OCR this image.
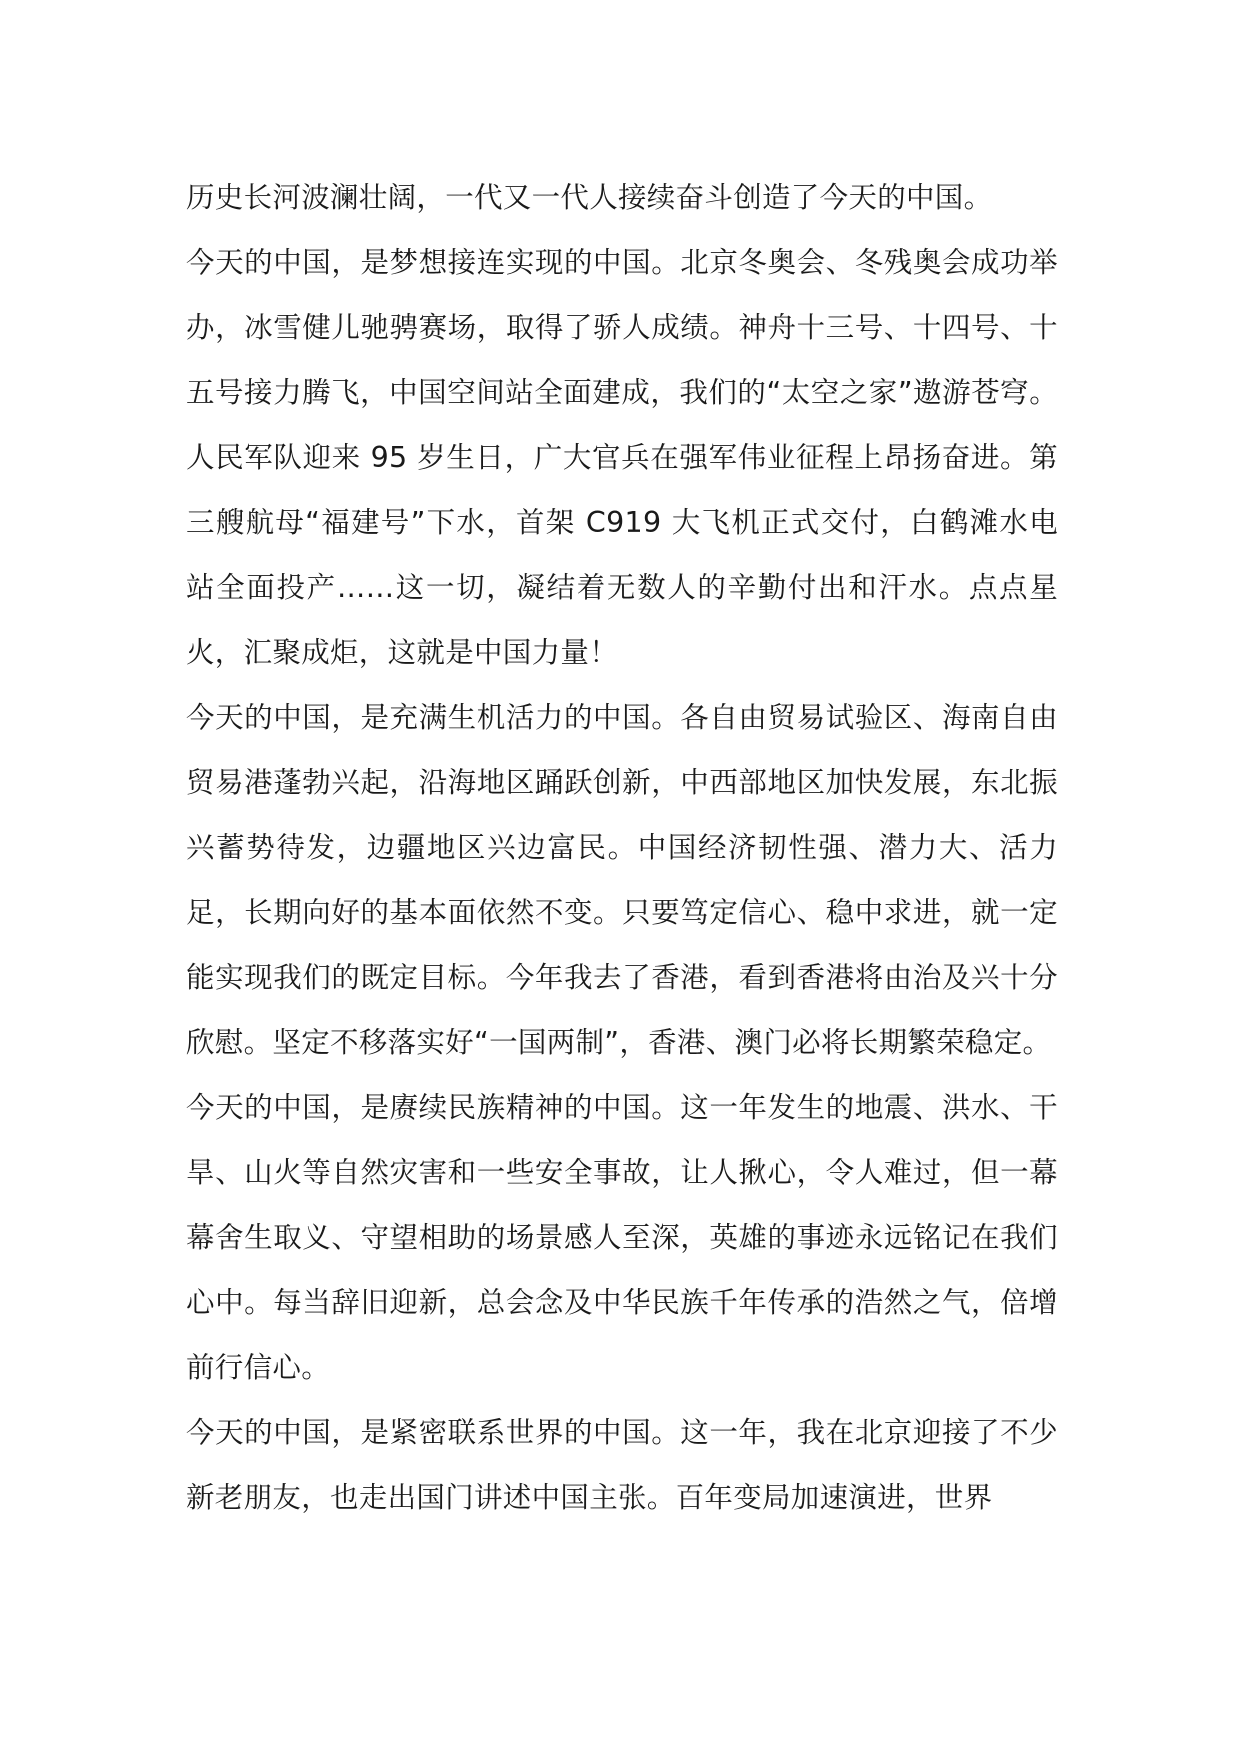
历史长河波澜壮阔，一代又一代人接续奋斗创造了今天的中国。

今天的中国，是梦想接连实现的中国。北京冬奥会、冬残奥会成功举办，冰雪健儿驰骋赛场，取得了骄人成绩。神舟十三号、十四号、十五号接力腾飞，中国空间站全面建成，我们的“太空之家”遨游苍穹。人民军队迎来 95 岁生日，广大官兵在强军伟业征程上昂扬奋进。第三艘航母“福建号”下水，首架 C919 大飞机正式交付，白鹤滩水电站全面投产……这一切，凝结着无数人的辛勤付出和汗水。点点星火，汇聚成炬，这就是中国力量！

今天的中国，是充满生机活力的中国。各自由贸易试验区、海南自由贸易港蓬勃兴起，沿海地区踊跃创新，中西部地区加快发展，东北振兴蓄势待发，边疆地区兴边富民。中国经济韧性强、潜力大、活力足，长期向好的基本面依然不变。只要笃定信心、稳中求进，就一定能实现我们的既定目标。今年我去了香港，看到香港将由治及兴十分欣慰。坚定不移落实好“一国两制”，香港、澳门必将长期繁荣稳定。

今天的中国，是赓续民族精神的中国。这一年发生的地震、洪水、干旱、山火等自然灾害和一些安全事故，让人揪心，令人难过，但一幕幕舍生取义、守望相助的场景感人至深，英雄的事迹永远铭记在我们心中。每当辞旧迎新，总会念及中华民族千年传承的浩然之气，倍增前行信心。

今天的中国，是紧密联系世界的中国。这一年，我在北京迎接了不少新老朋友，也走出国门讲述中国主张。百年变局加速演进，世界
